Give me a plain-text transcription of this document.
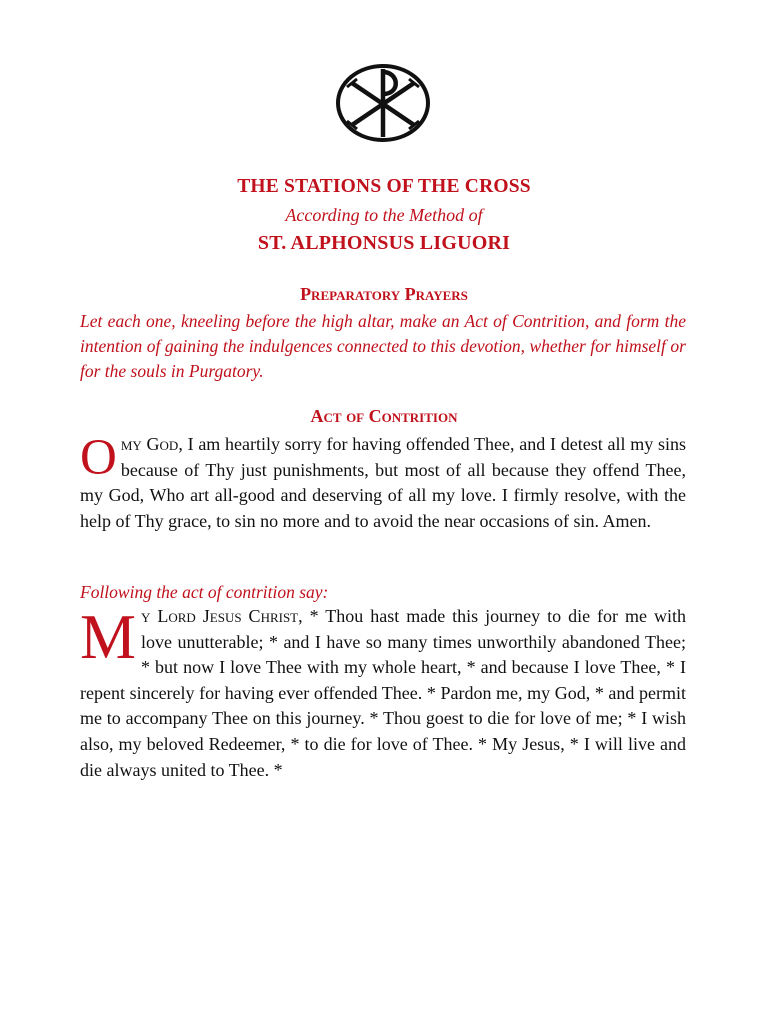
THE STATIONS OF THE CROSS
According to the Method of
ST. ALPHONSUS LIGUORI
Preparatory Prayers
Let each one, kneeling before the high altar, make an Act of Contrition, and form the intention of gaining the indulgences connected to this devotion, whether for himself or for the souls in Purgatory.
Act of Contrition

Omy God, I am heartily sorry for having offended Thee, and I detest all my sins because of Thy just punishments, but most of all because they offend Thee, my God, Who art all-good and deserving of all my love. I firmly resolve, with the help of Thy grace, to sin no more and to avoid the near occasions of sin. Amen.

Following the act of contrition say:

My Lord Jesus Christ, * Thou hast made this journey to die for me with love unutterable; * and I have so many times unworthily abandoned Thee; * but now I love Thee with my whole heart, * and because I love Thee, * I repent sincerely for having ever offended Thee. * Pardon me, my God, * and permit me to accompany Thee on this journey. * Thou goest to die for love of me; * I wish also, my beloved Redeemer, * to die for love of Thee. * My Jesus, * I will live and die always united to Thee. *
